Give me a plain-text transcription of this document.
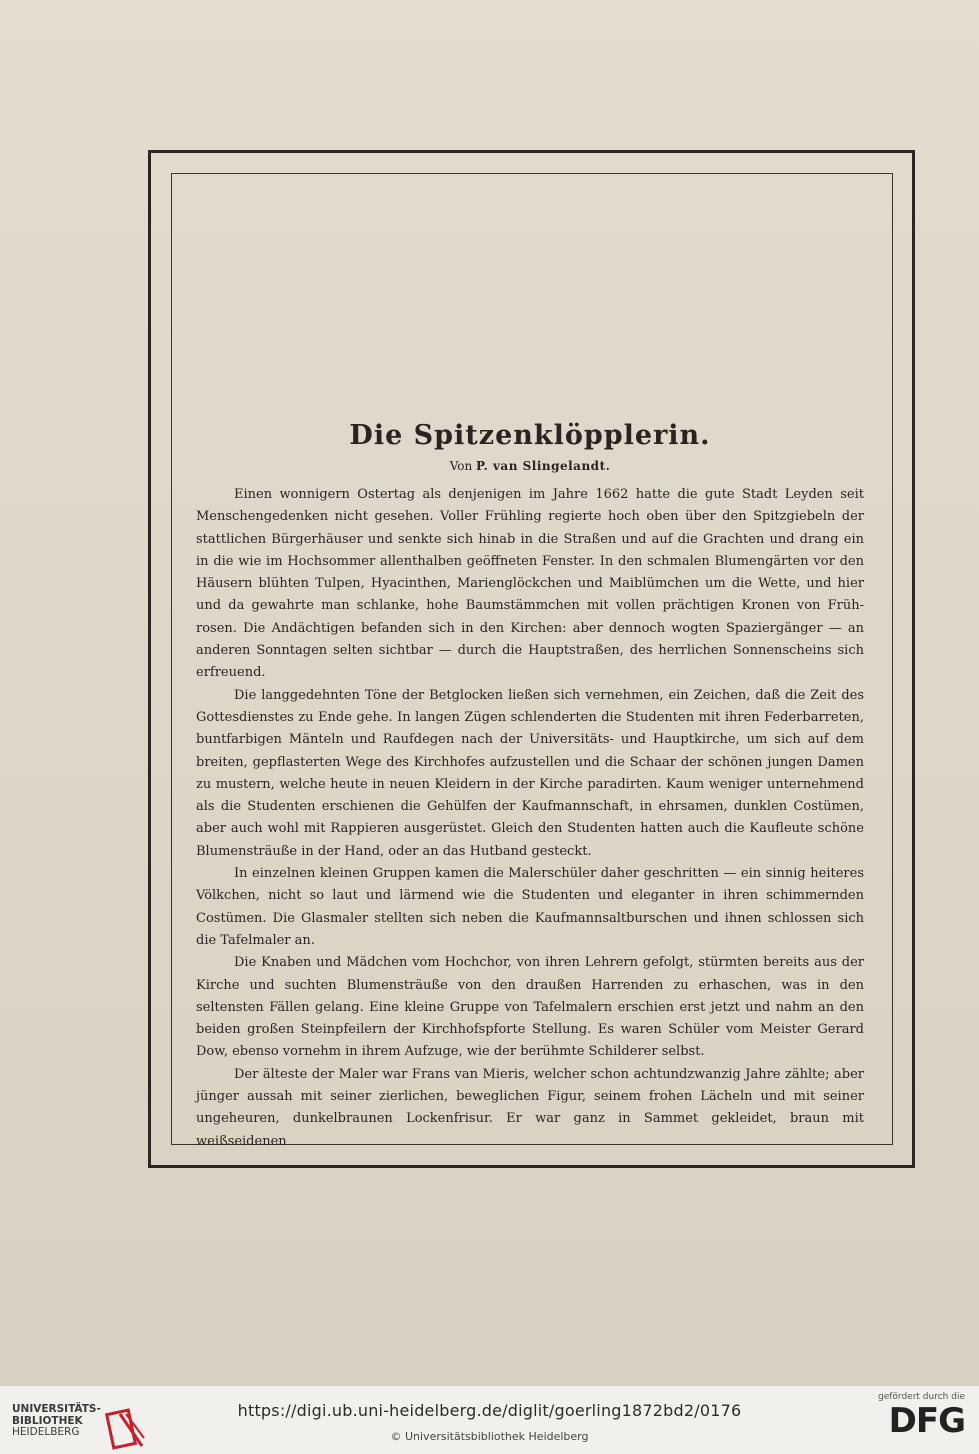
Die Spitzenklöpplerin.
Von P. van Slingelandt.

Einen wonnigern Ostertag als denjenigen im Jahre 1662 hatte die gute Stadt Leyden seit Menschengedenken nicht gesehen. Voller Frühling regierte hoch oben über den Spitzgiebeln der stattlichen Bürgerhäuser und senkte sich hinab in die Straßen und auf die Grachten und drang ein in die wie im Hochsommer allenthalben geöffneten Fenster. In den schmalen Blumengärten vor den Häusern blühten Tulpen, Hyacinthen, Marienglöckchen und Maiblümchen um die Wette, und hier und da gewahrte man schlanke, hohe Baumstämmchen mit vollen prächtigen Kronen von Früh-rosen. Die Andächtigen befanden sich in den Kirchen: aber dennoch wogten Spaziergänger — an anderen Sonntagen selten sichtbar — durch die Hauptstraßen, des herrlichen Sonnenscheins sich erfreuend.

Die langgedehnten Töne der Betglocken ließen sich vernehmen, ein Zeichen, daß die Zeit des Gottesdienstes zu Ende gehe. In langen Zügen schlenderten die Studenten mit ihren Federbarreten, buntfarbigen Mänteln und Raufdegen nach der Universitäts- und Hauptkirche, um sich auf dem breiten, gepflasterten Wege des Kirchhofes aufzustellen und die Schaar der schönen jungen Damen zu mustern, welche heute in neuen Kleidern in der Kirche paradirten. Kaum weniger unternehmend als die Studenten erschienen die Gehülfen der Kaufmannschaft, in ehrsamen, dunklen Costümen, aber auch wohl mit Rappieren ausgerüstet. Gleich den Studenten hatten auch die Kaufleute schöne Blumensträuße in der Hand, oder an das Hutband gesteckt.

In einzelnen kleinen Gruppen kamen die Malerschüler daher geschritten — ein sinnig heiteres Völkchen, nicht so laut und lärmend wie die Studenten und eleganter in ihren schimmernden Costümen. Die Glasmaler stellten sich neben die Kaufmannsaltburschen und ihnen schlossen sich die Tafelmaler an.

Die Knaben und Mädchen vom Hochchor, von ihren Lehrern gefolgt, stürmten bereits aus der Kirche und suchten Blumensträuße von den draußen Harrenden zu erhaschen, was in den seltensten Fällen gelang. Eine kleine Gruppe von Tafelmalern erschien erst jetzt und nahm an den beiden großen Steinpfeilern der Kirchhofspforte Stellung. Es waren Schüler vom Meister Gerard Dow, ebenso vornehm in ihrem Aufzuge, wie der berühmte Schilderer selbst.

Der älteste der Maler war Frans van Mieris, welcher schon achtundzwanzig Jahre zählte; aber jünger aussah mit seiner zierlichen, beweglichen Figur, seinem frohen Lächeln und mit seiner ungeheuren, dunkelbraunen Lockenfrisur. Er war ganz in Sammet gekleidet, braun mit weißseidenen

UNIVERSITÄTS-
BIBLIOTHEK
HEIDELBERG
https://digi.ub.uni-heidelberg.de/diglit/goerling1872bd2/0176
© Universitätsbibliothek Heidelberg
gefördert durch die
DFG
